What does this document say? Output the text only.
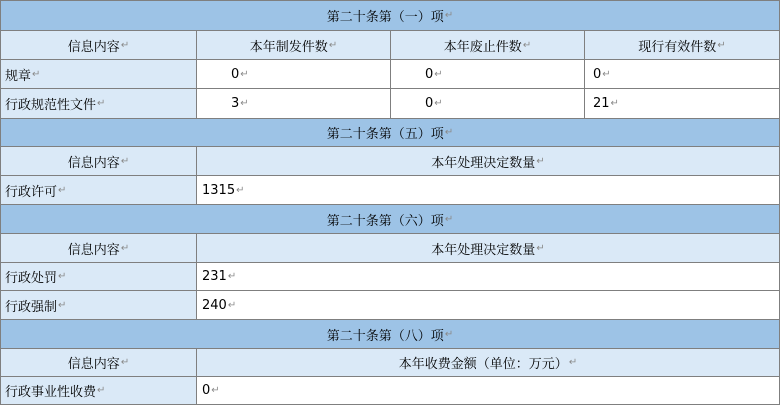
第二十条第（一）项 ↵
信息内容 ↵	本年制发件数 ↵	本年废止件数 ↵	现行有效件数 ↵
规章 ↵	0 ↵	0 ↵	0 ↵
行政规范性文件 ↵	3 ↵	0 ↵	21 ↵
第二十条第（五）项 ↵
信息内容 ↵	本年处理决定数量 ↵
行政许可 ↵	1315 ↵
第二十条第（六）项 ↵
信息内容 ↵	本年处理决定数量 ↵
行政处罚 ↵	231 ↵
行政强制 ↵	240 ↵
第二十条第（八）项 ↵
信息内容 ↵	本年收费金额（单位：万元） ↵
行政事业性收费 ↵	0 ↵
